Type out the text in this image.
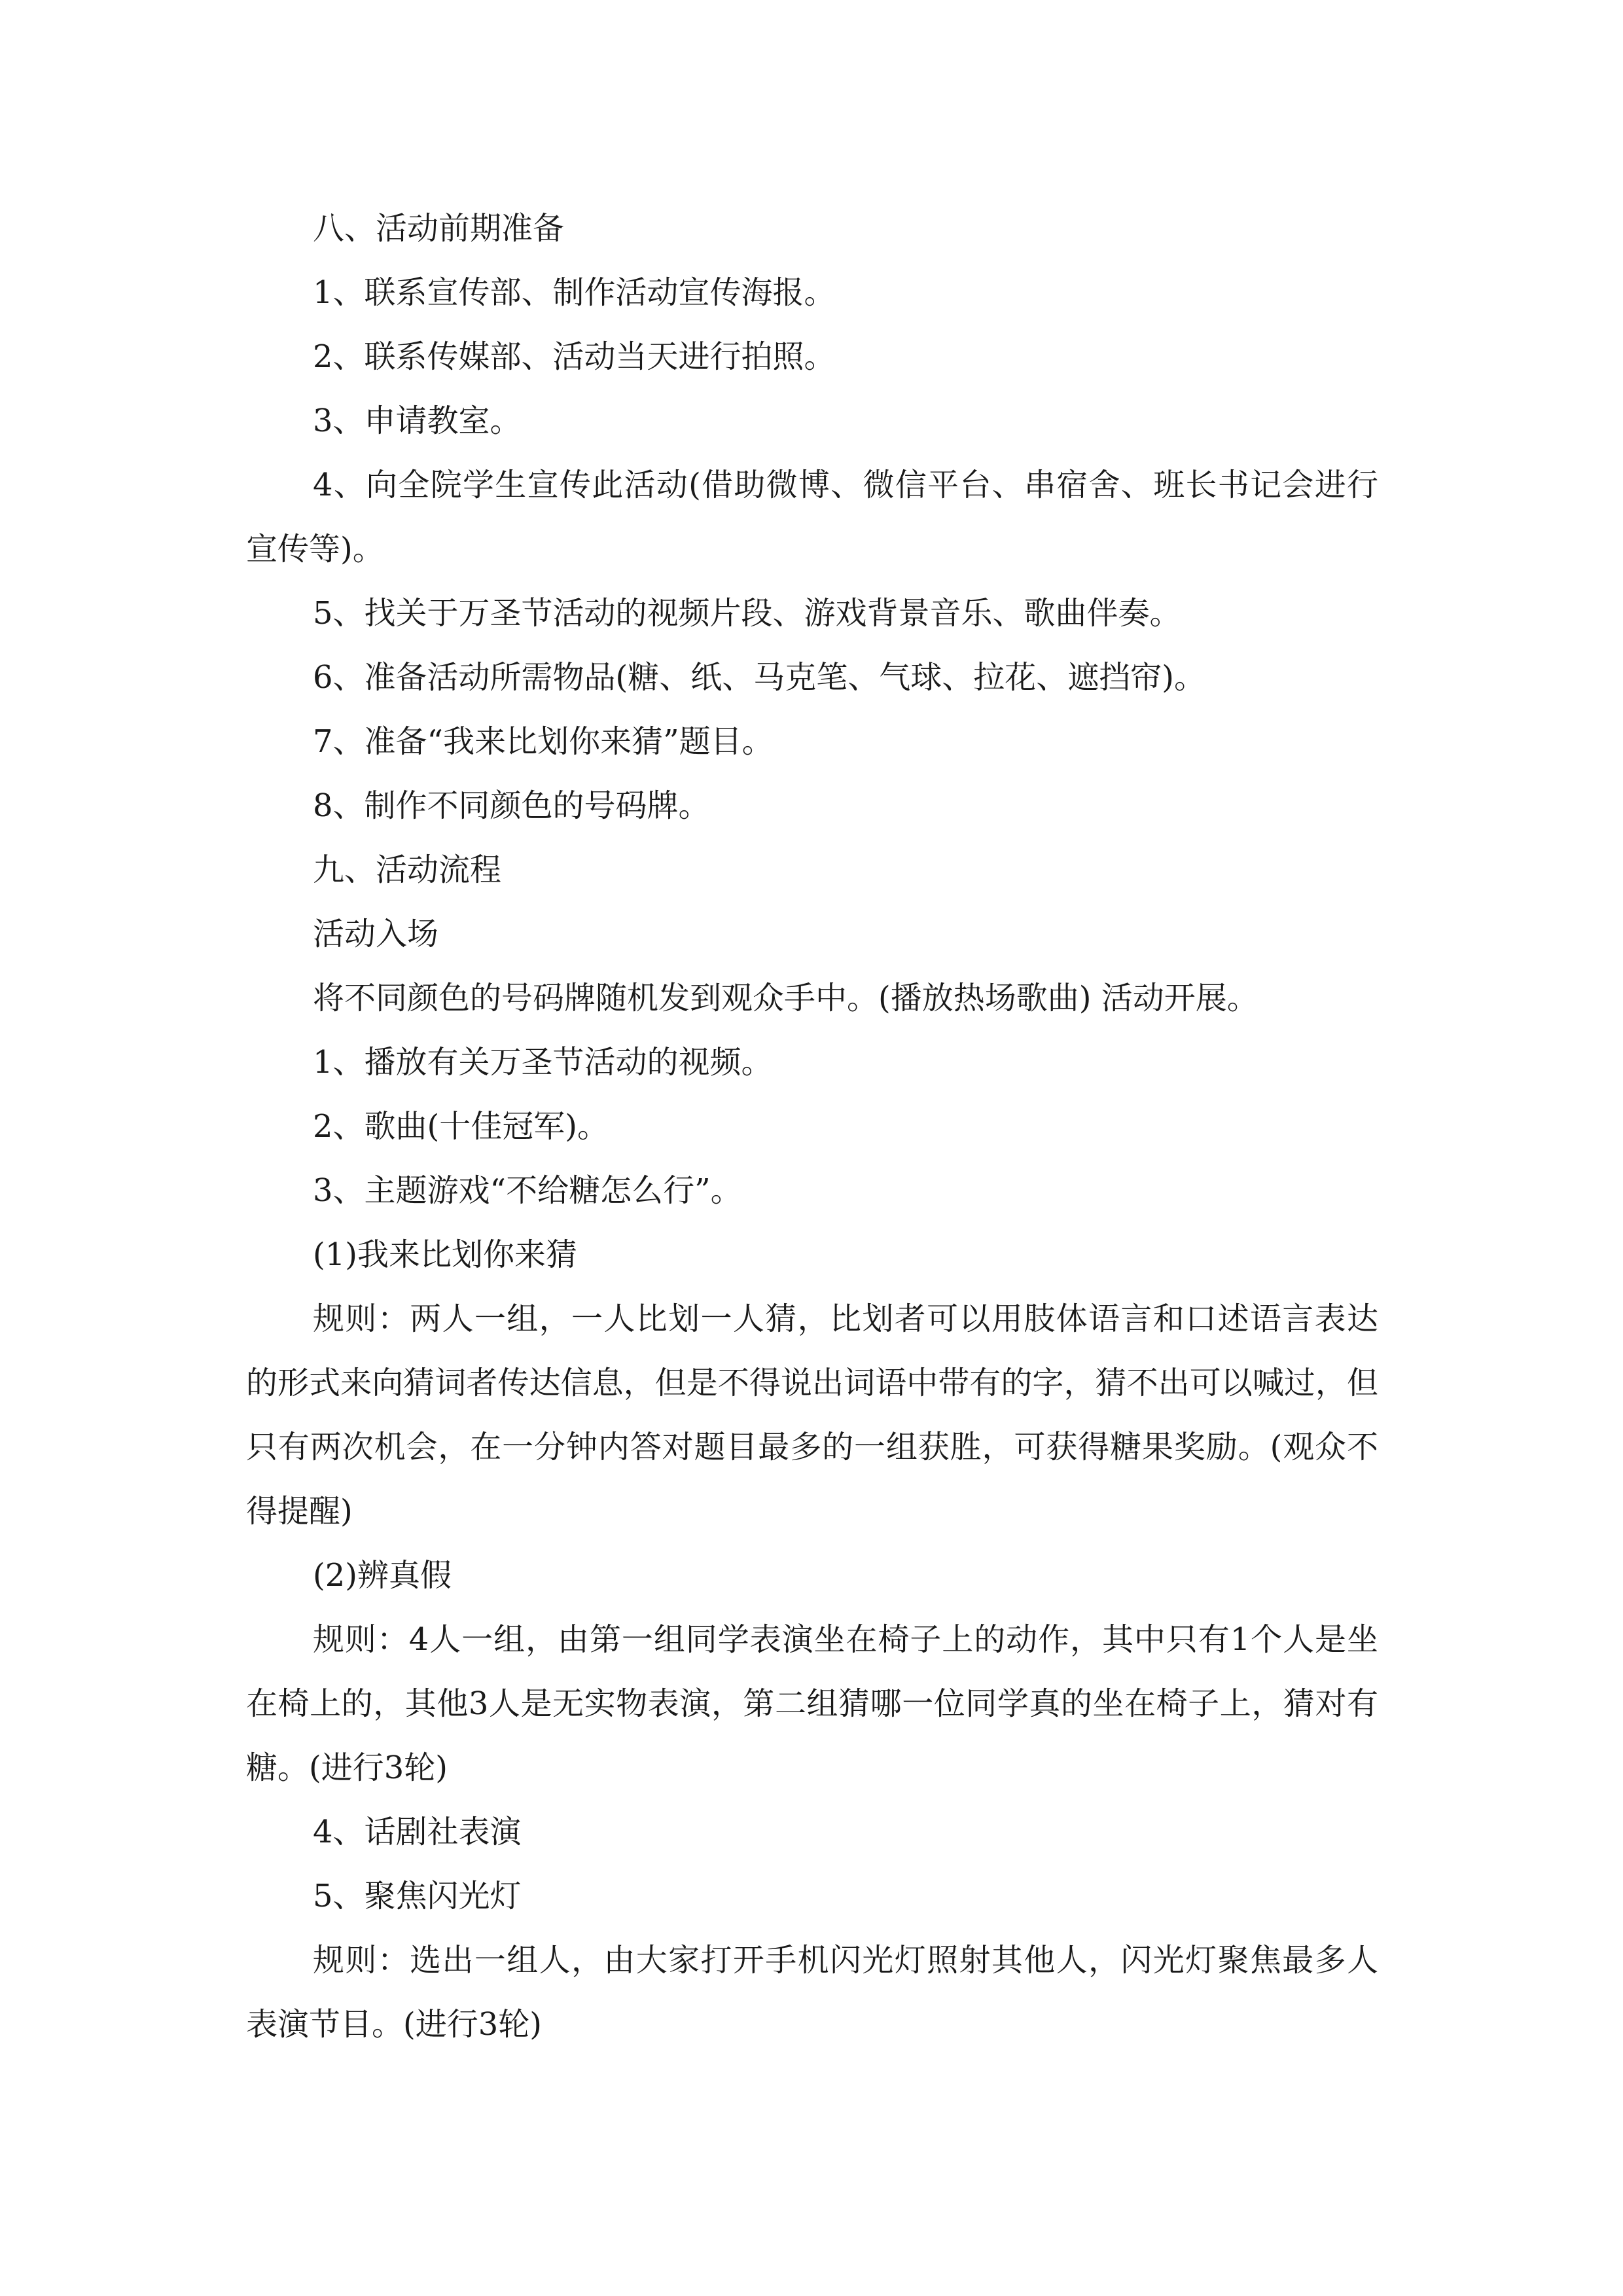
八、活动前期准备

1、联系宣传部、制作活动宣传海报。

2、联系传媒部、活动当天进行拍照。

3、申请教室。

4、向全院学生宣传此活动(借助微博、微信平台、串宿舍、班长书记会进行宣传等)。

5、找关于万圣节活动的视频片段、游戏背景音乐、歌曲伴奏。

6、准备活动所需物品(糖、纸、马克笔、气球、拉花、遮挡帘)。

7、准备“我来比划你来猜”题目。

8、制作不同颜色的号码牌。

九、活动流程

活动入场

将不同颜色的号码牌随机发到观众手中。(播放热场歌曲) 活动开展。

1、播放有关万圣节活动的视频。

2、歌曲(十佳冠军)。

3、主题游戏“不给糖怎么行”。

(1)我来比划你来猜

规则：两人一组，一人比划一人猜，比划者可以用肢体语言和口述语言表达的形式来向猜词者传达信息，但是不得说出词语中带有的字，猜不出可以喊过，但只有两次机会，在一分钟内答对题目最多的一组获胜，可获得糖果奖励。(观众不得提醒)

(2)辨真假

规则：4人一组，由第一组同学表演坐在椅子上的动作，其中只有1个人是坐在椅上的，其他3人是无实物表演，第二组猜哪一位同学真的坐在椅子上，猜对有糖。(进行3轮)

4、话剧社表演

5、聚焦闪光灯

规则：选出一组人，由大家打开手机闪光灯照射其他人，闪光灯聚焦最多人表演节目。(进行3轮)
